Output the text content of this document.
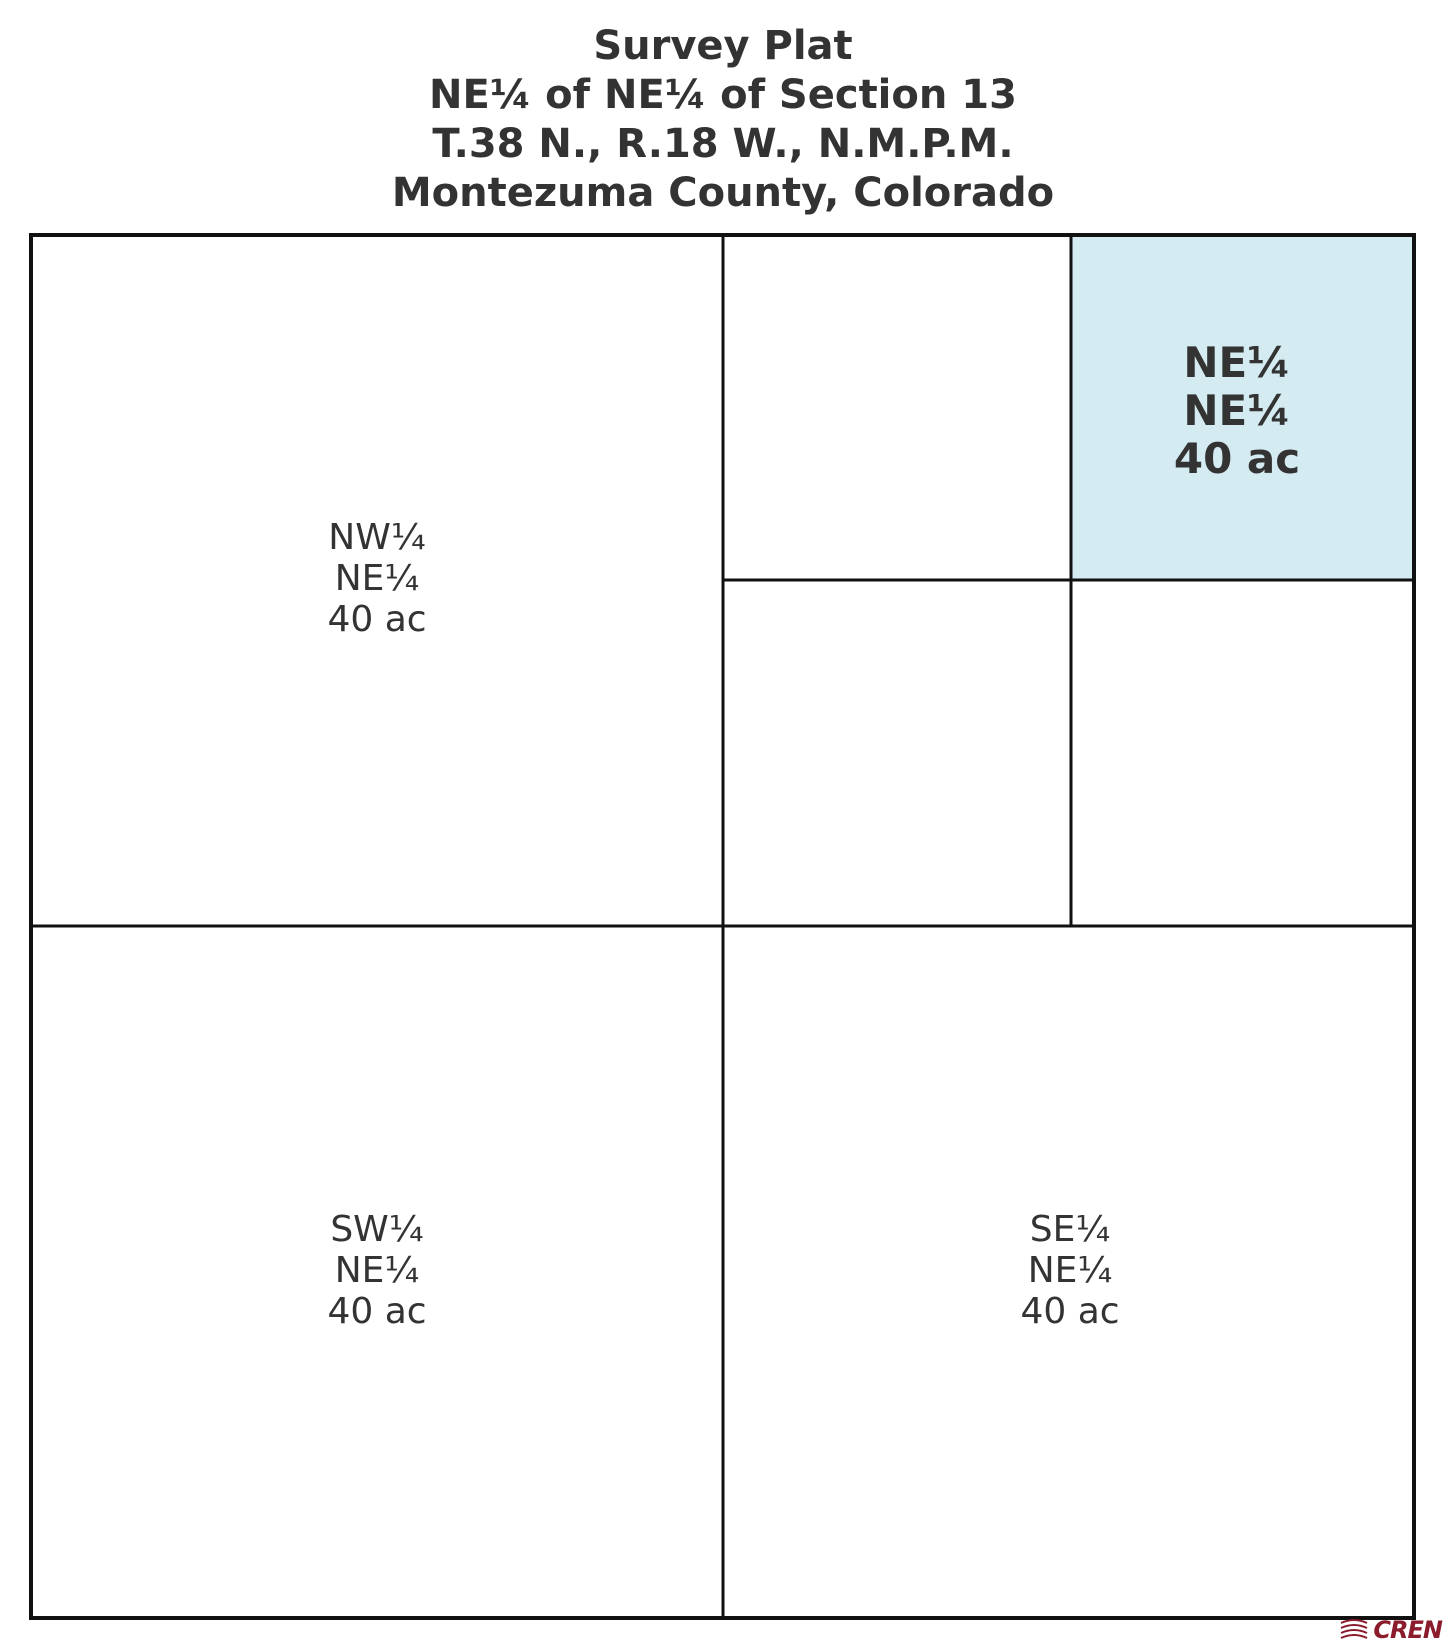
Survey Plat
NE¼ of NE¼ of Section 13
T.38 N., R.18 W., N.M.P.M.
Montezuma County, Colorado
NW¼
NE¼
40 ac
NE¼
NE¼
40 ac
SW¼
NE¼
40 ac
SE¼
NE¼
40 ac
CREN
